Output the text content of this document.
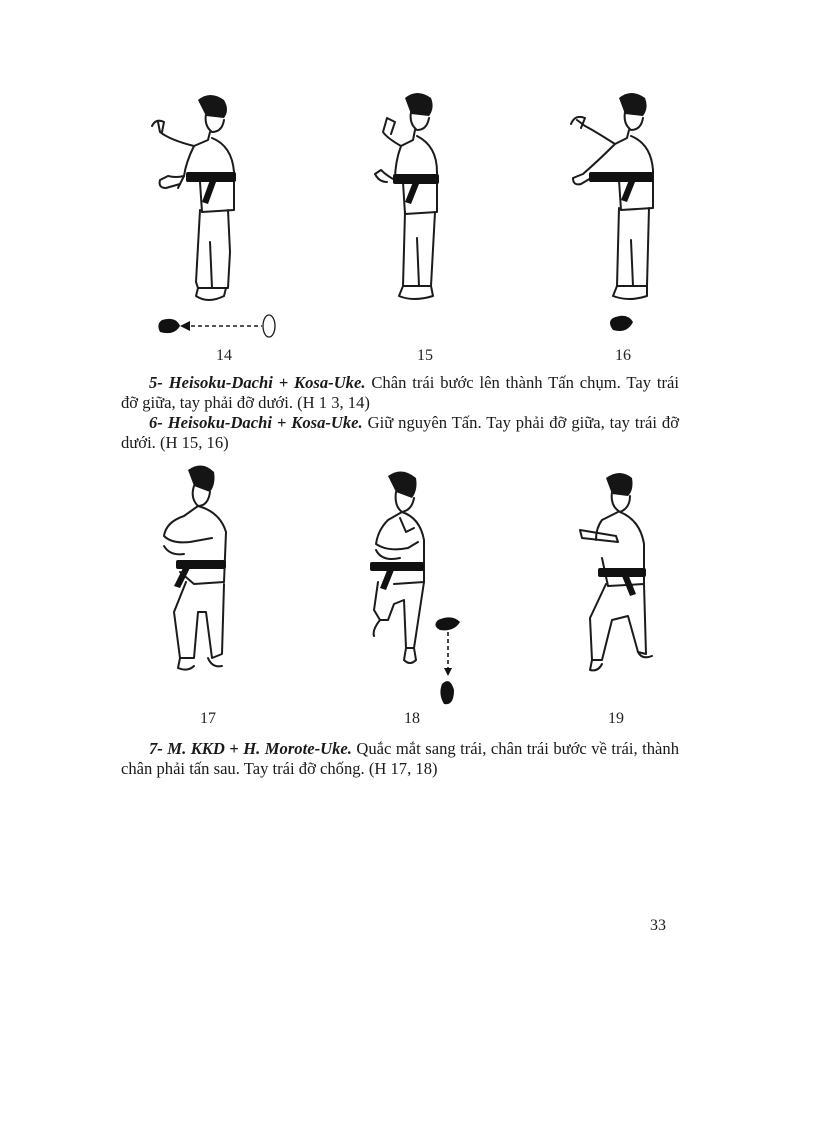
14	15	16

5- Heisoku-Dachi + Kosa-Uke. Chân trái bước lên thành Tấn chụm. Tay trái đỡ giữa, tay phải đỡ dưới. (H 1 3, 14)

6- Heisoku-Dachi + Kosa-Uke. Giữ nguyên Tấn. Tay phải đỡ giữa, tay trái đỡ dưới. (H 15, 16)

17	18	19

7- M. KKD + H. Morote-Uke. Quắc mắt sang trái, chân trái bước về trái, thành chân phải tấn sau. Tay trái đỡ chống. (H 17, 18)

33
